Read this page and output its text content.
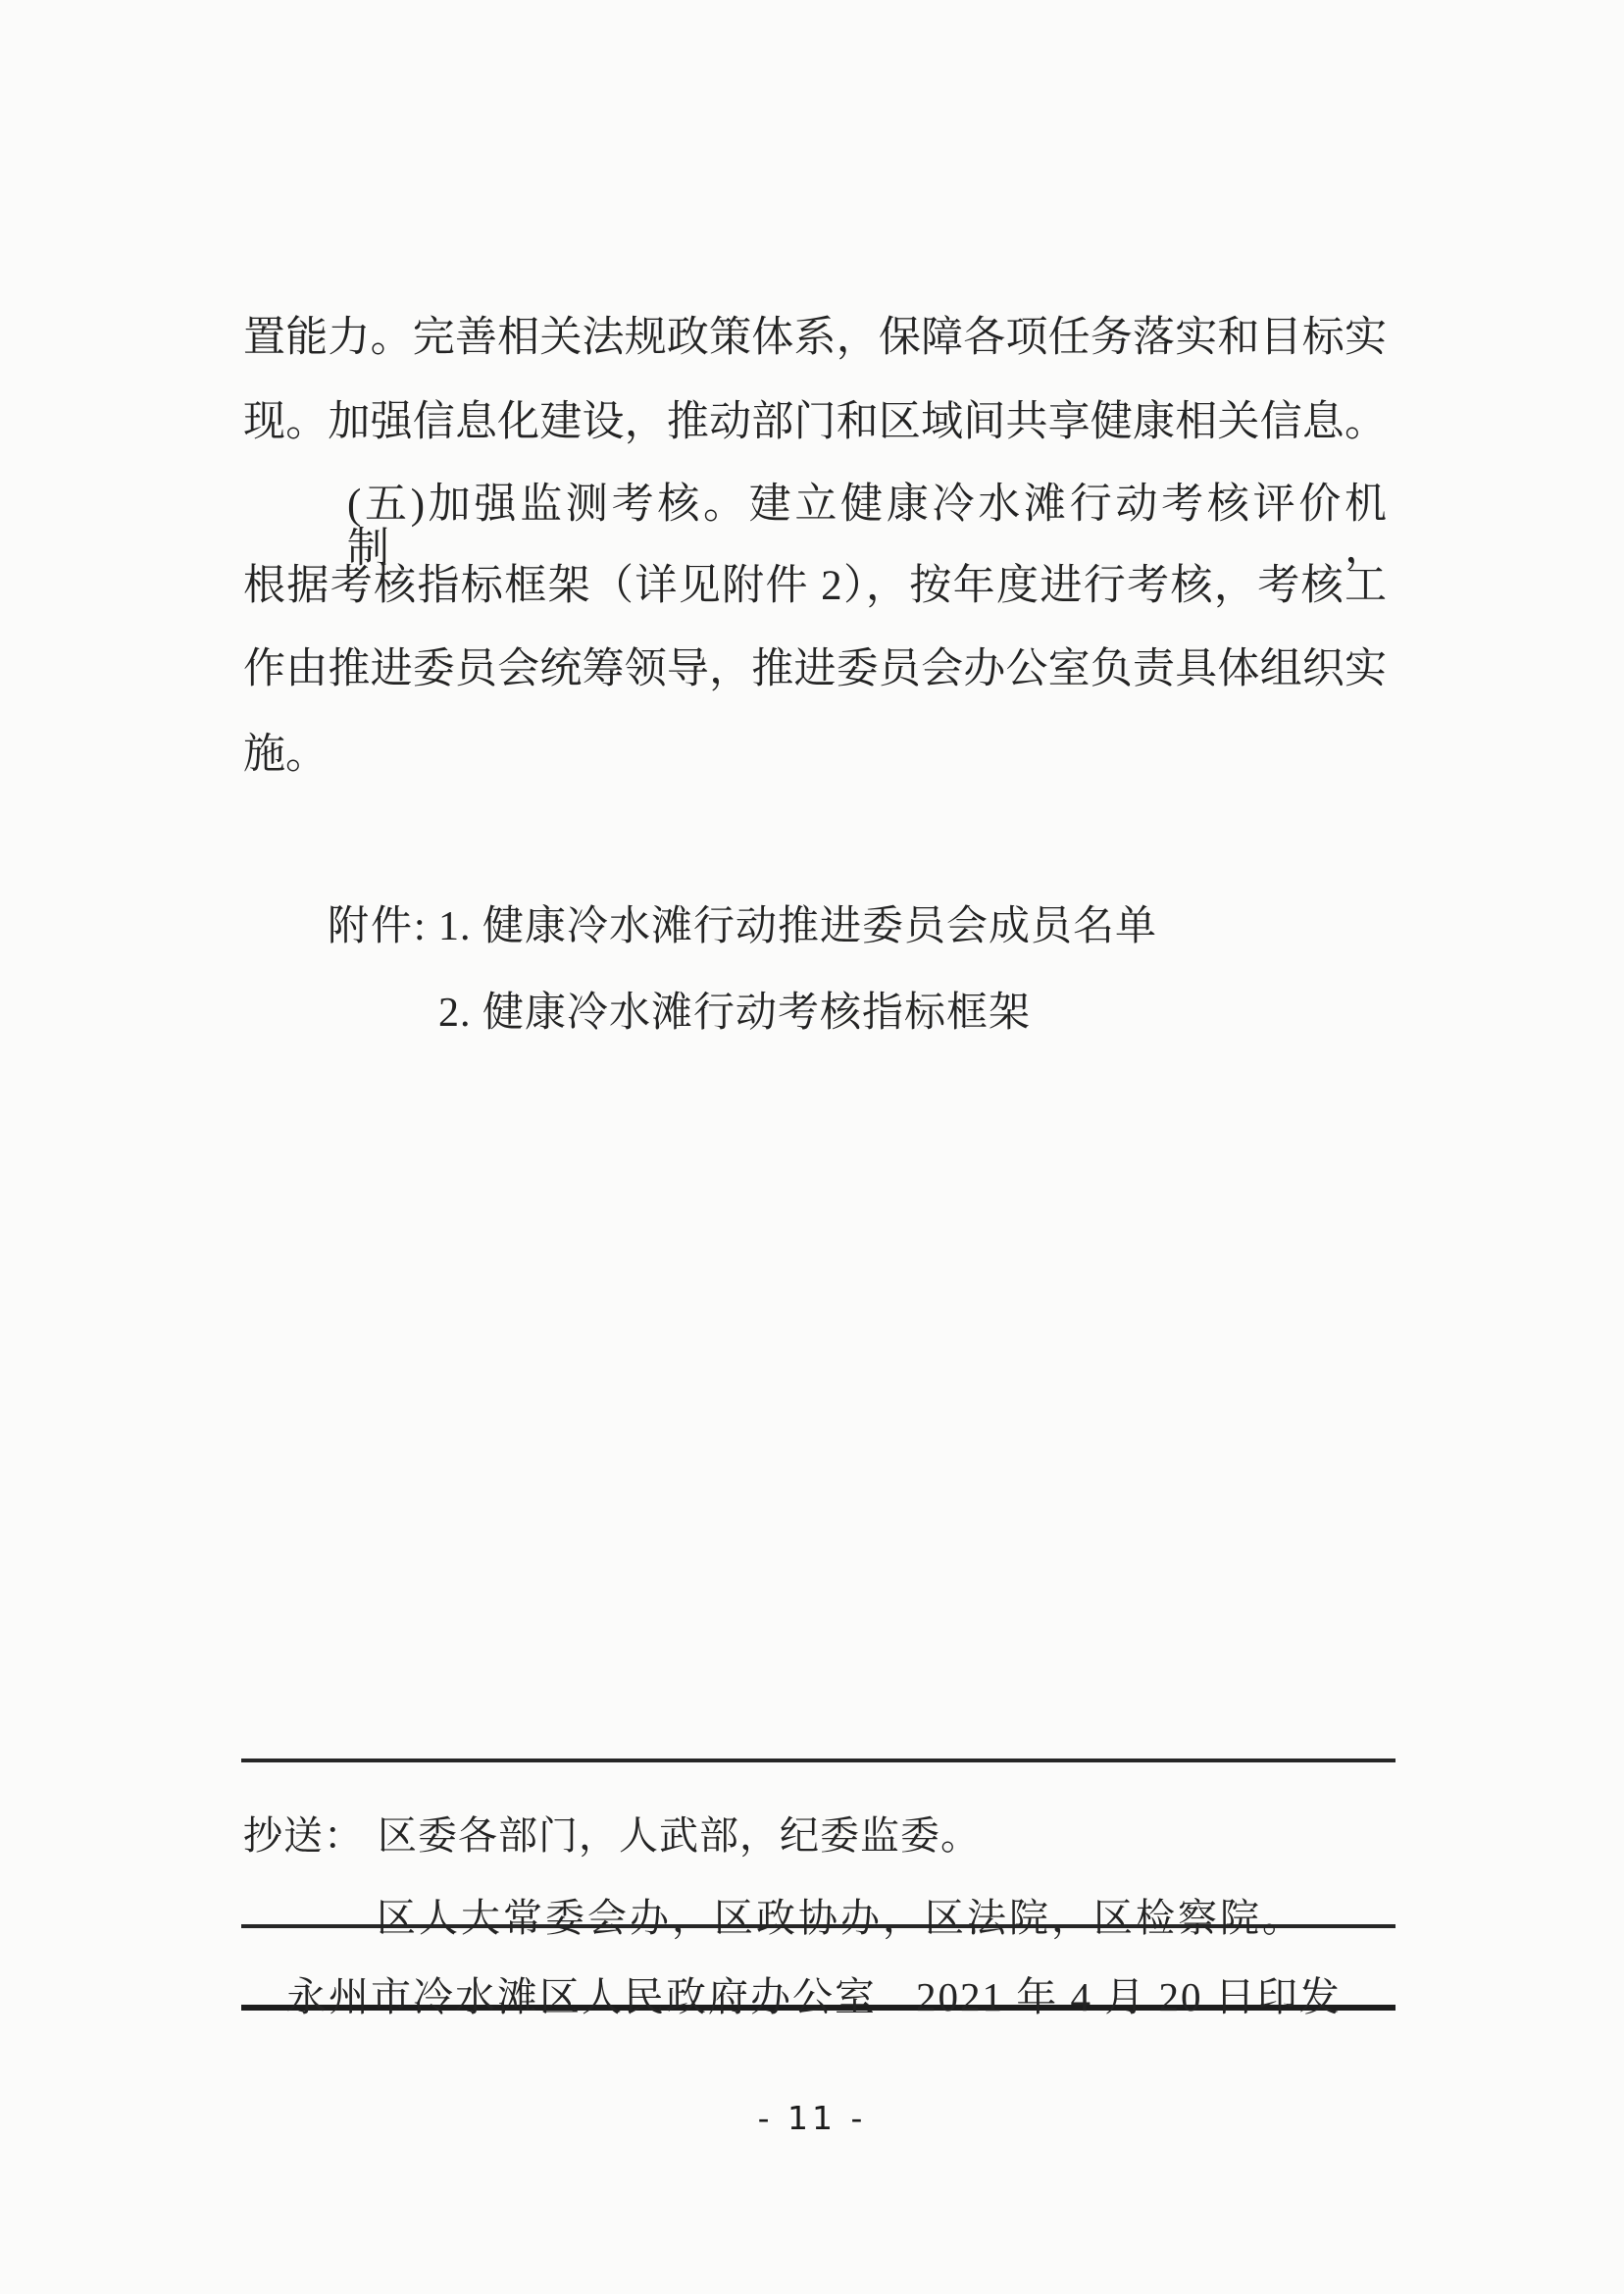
置能力。完善相关法规政策体系，保障各项任务落实和目标实
现。加强信息化建设，推动部门和区域间共享健康相关信息。
(五)加强监测考核。建立健康冷水滩行动考核评价机制，
根据考核指标框架（详见附件 2），按年度进行考核，考核工
作由推进委员会统筹领导，推进委员会办公室负责具体组织实
施。
附件: 1. 健康冷水滩行动推进委员会成员名单
2. 健康冷水滩行动考核指标框架
抄送： 区委各部门，人武部，纪委监委。
区人大常委会办，区政协办，区法院，区检察院。
永州市冷水滩区人民政府办公室 2021 年 4 月 20 日印发
- 11 -
